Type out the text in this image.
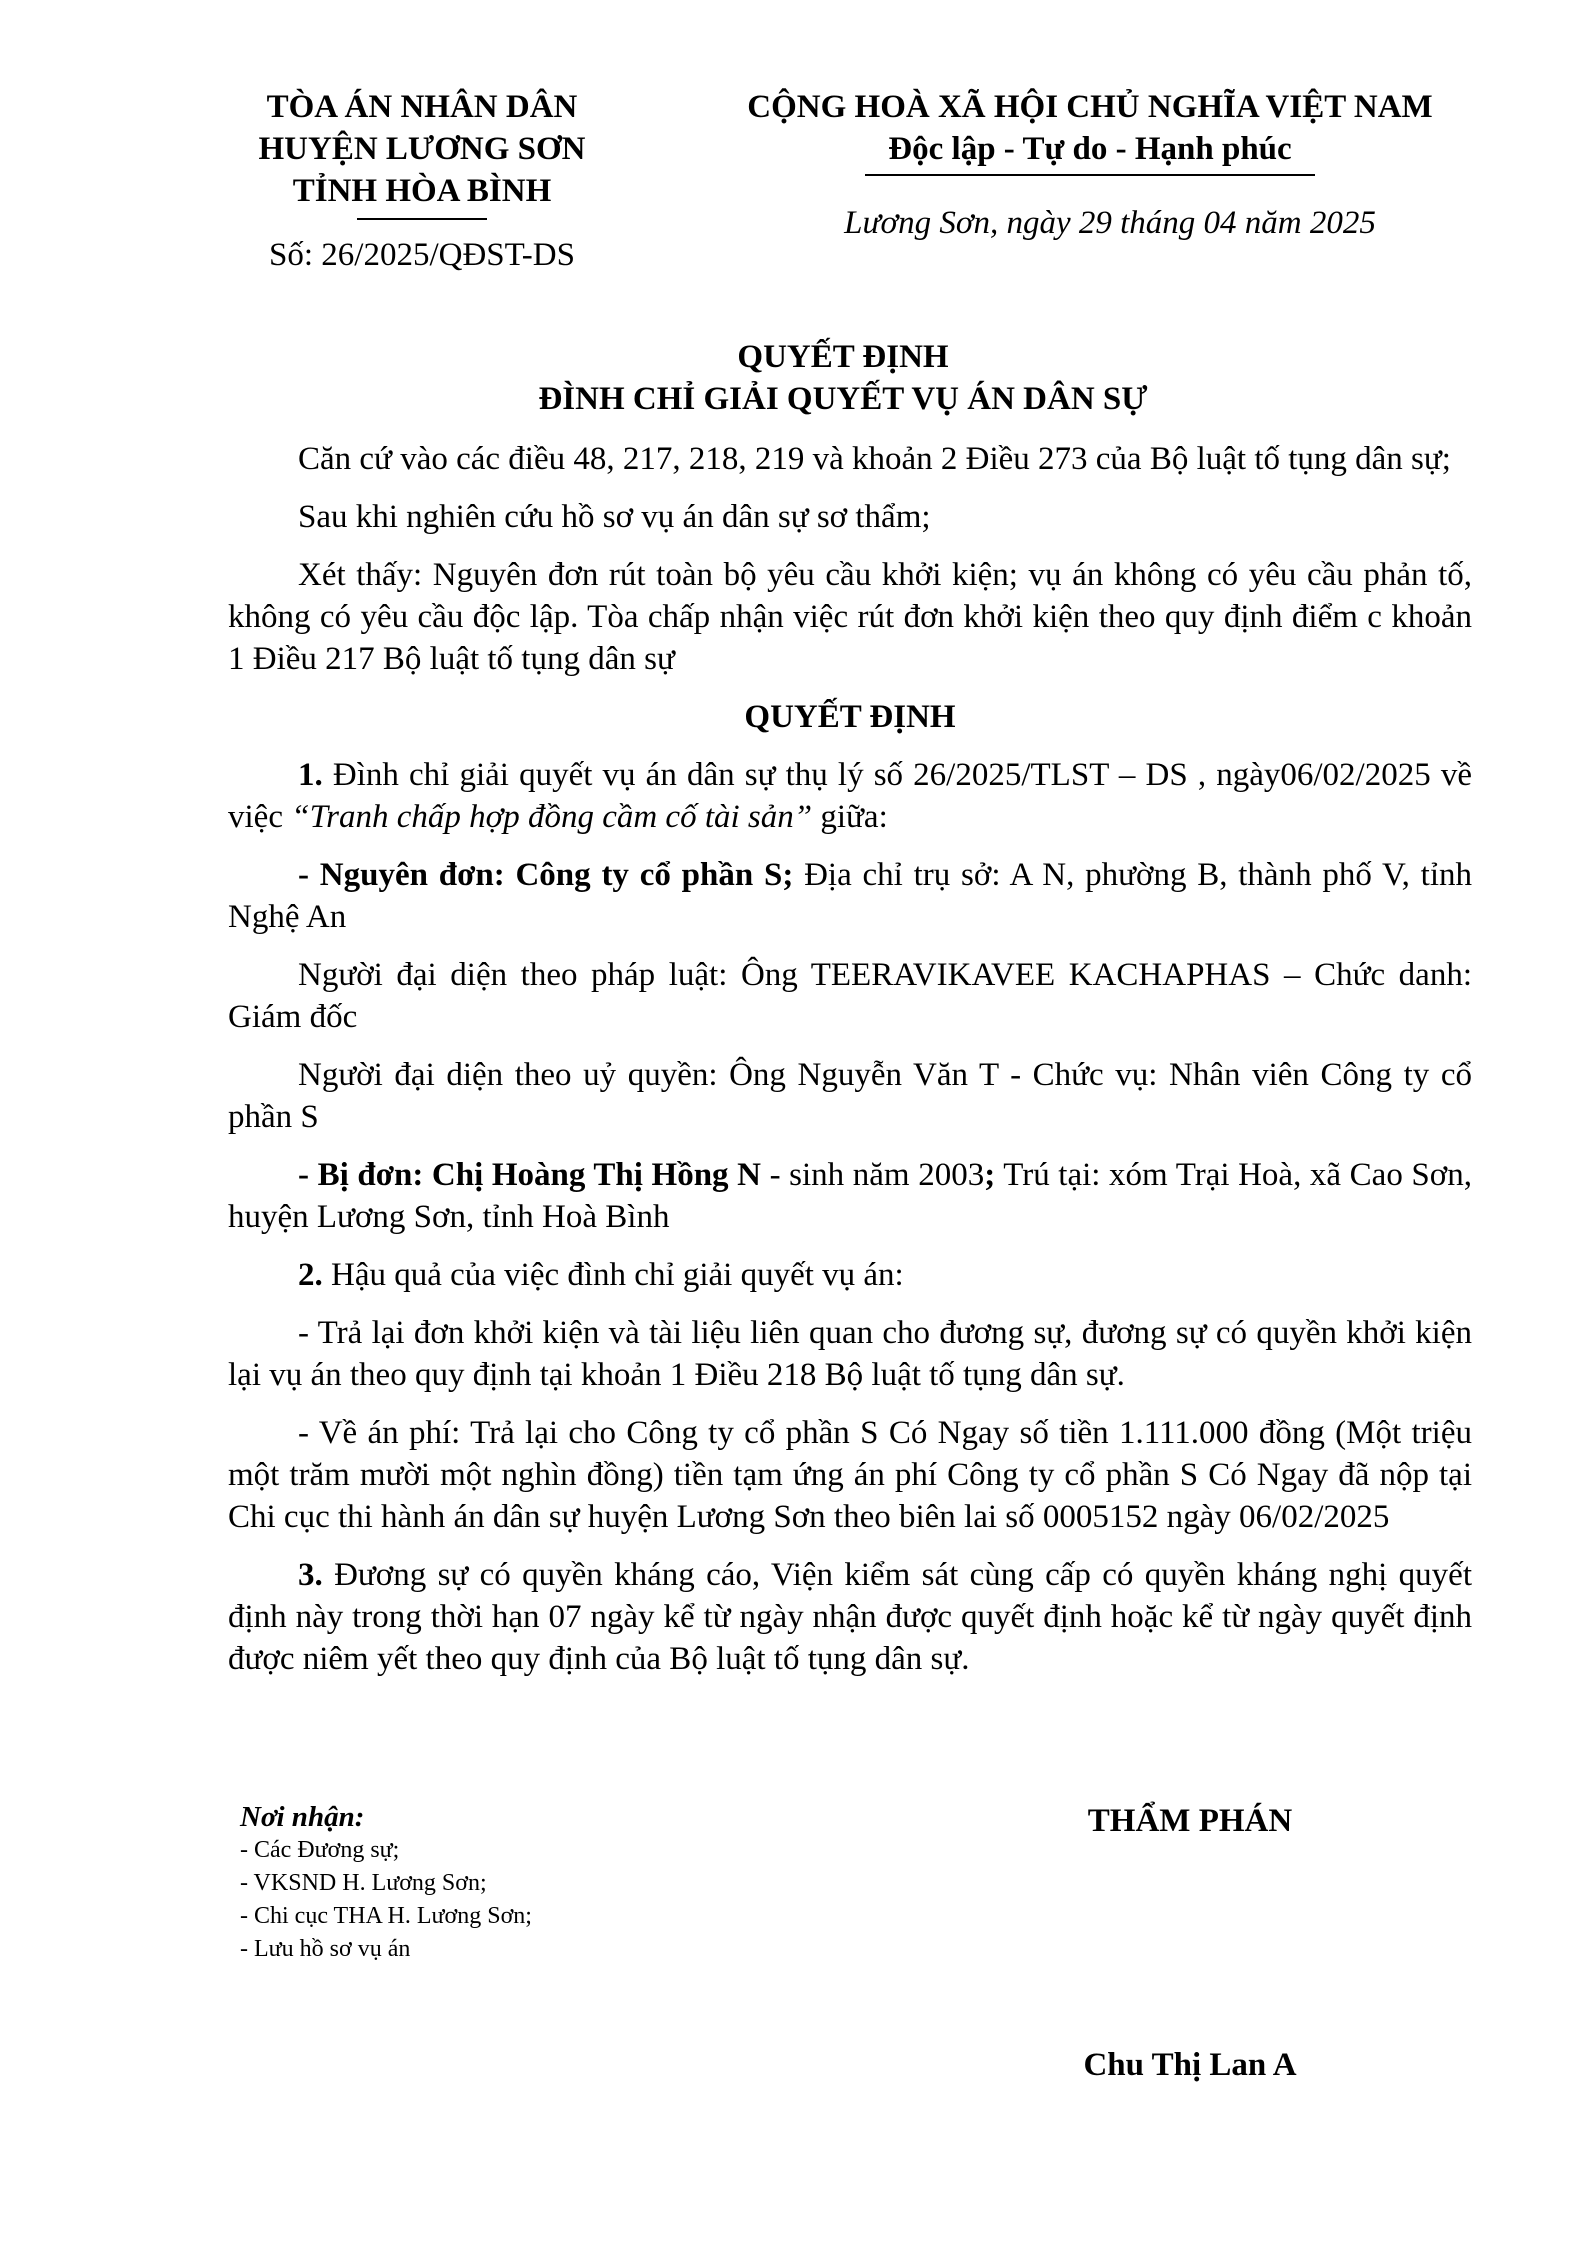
TÒA ÁN NHÂN DÂN
HUYỆN LƯƠNG SƠN
TỈNH HÒA BÌNH
Số: 26/2025/QĐST-DS
CỘNG HOÀ XÃ HỘI CHỦ NGHĨA VIỆT NAM
Độc lập - Tự do - Hạnh phúc
Lương Sơn, ngày 29 tháng 04 năm 2025
QUYẾT ĐỊNH
ĐÌNH CHỈ GIẢI QUYẾT VỤ ÁN DÂN SỰ

Căn cứ vào các điều 48, 217, 218, 219 và khoản 2 Điều 273 của Bộ luật tố tụng dân sự;

Sau khi nghiên cứu hồ sơ vụ án dân sự sơ thẩm;

Xét thấy: Nguyên đơn rút toàn bộ yêu cầu khởi kiện; vụ án không có yêu cầu phản tố, không có yêu cầu độc lập. Tòa chấp nhận việc rút đơn khởi kiện theo quy định điểm c khoản 1 Điều 217 Bộ luật tố tụng dân sự

QUYẾT ĐỊNH

1. Đình chỉ giải quyết vụ án dân sự thụ lý số 26/2025/TLST – DS , ngày06/02/2025 về việc “Tranh chấp hợp đồng cầm cố tài sản” giữa:

- Nguyên đơn: Công ty cổ phần S; Địa chỉ trụ sở: A N, phường B, thành phố V, tỉnh Nghệ An

Người đại diện theo pháp luật: Ông TEERAVIKAVEE KACHAPHAS – Chức danh: Giám đốc

Người đại diện theo uỷ quyền: Ông Nguyễn Văn T - Chức vụ: Nhân viên Công ty cổ phần S

- Bị đơn: Chị Hoàng Thị Hồng N - sinh năm 2003; Trú tại: xóm Trại Hoà, xã Cao Sơn, huyện Lương Sơn, tỉnh Hoà Bình

2. Hậu quả của việc đình chỉ giải quyết vụ án:

- Trả lại đơn khởi kiện và tài liệu liên quan cho đương sự, đương sự có quyền khởi kiện lại vụ án theo quy định tại khoản 1 Điều 218 Bộ luật tố tụng dân sự.

- Về án phí: Trả lại cho Công ty cổ phần S Có Ngay số tiền 1.111.000 đồng (Một triệu một trăm mười một nghìn đồng) tiền tạm ứng án phí Công ty cổ phần S Có Ngay đã nộp tại Chi cục thi hành án dân sự huyện Lương Sơn theo biên lai số 0005152 ngày 06/02/2025

3. Đương sự có quyền kháng cáo, Viện kiểm sát cùng cấp có quyền kháng nghị quyết định này trong thời hạn 07 ngày kể từ ngày nhận được quyết định hoặc kể từ ngày quyết định được niêm yết theo quy định của Bộ luật tố tụng dân sự.

Nơi nhận:
- Các Đương sự;
- VKSND H. Lương Sơn;
- Chi cục THA H. Lương Sơn;
- Lưu hồ sơ vụ án
THẨM PHÁN
Chu Thị Lan A
